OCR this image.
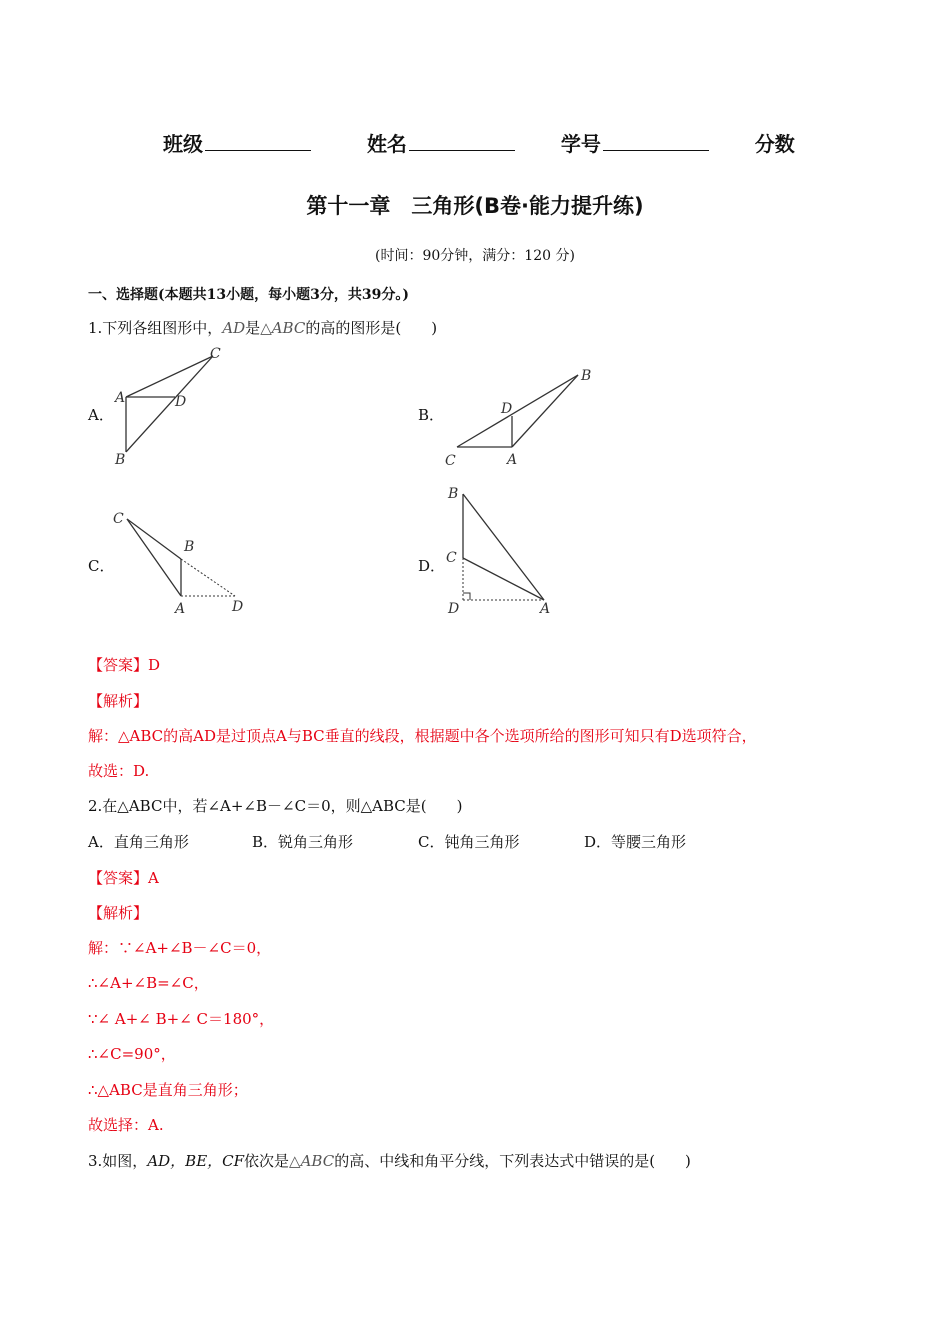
班级	姓名	学号	分数
第十一章　三角形(B卷·能力提升练)
(时间：90分钟，满分：120 分)
一、选择题(本题共13小题，每小题3分，共39分。)
1.下列各组图形中，AD是△ABC的高的图形是(　　)
A．	B．
C．	D．
A
B
C
D
A
B
C
D
A
B
C
D	A
B
C
D
【答案】D
【解析】
解：△ABC的高AD是过顶点A与BC垂直的线段，根据题中各个选项所给的图形可知只有D选项符合，
故选：D.
2.在△ABC中，若∠A+∠B－∠C＝0，则△ABC是(　　)
A．直角三角形	B．锐角三角形	C．钝角三角形	D．等腰三角形
【答案】A
【解析】
解：∵∠A+∠B－∠C＝0，
∴∠A+∠B=∠C，
∵∠ A+∠ B+∠ C＝180°，
∴∠C=90°，
∴△ABC是直角三角形；
故选择：A.
3.如图，AD，BE，CF依次是△ABC的高、中线和角平分线，下列表达式中错误的是(　　)
